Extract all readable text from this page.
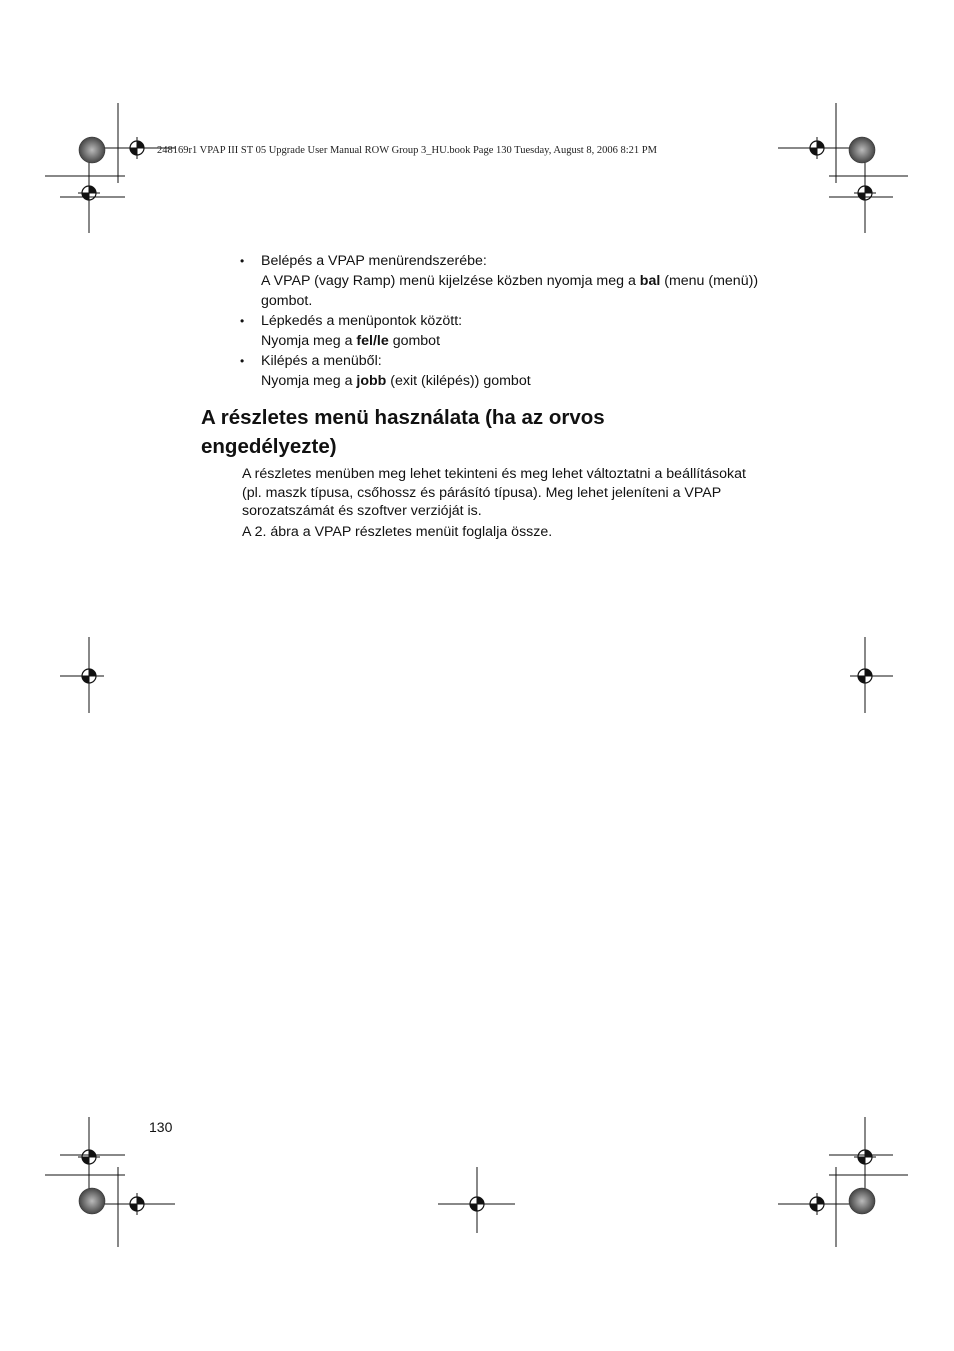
248169r1 VPAP III ST 05 Upgrade User Manual ROW Group 3_HU.book Page 130 Tuesday, August 8, 2006 8:21 PM
• Belépés a VPAP menürendszerébe:
A VPAP (vagy Ramp) menü kijelzése közben nyomja meg a bal (menu (menü)) gombot.
• Lépkedés a menüpontok között:
Nyomja meg a fel/le gombot
• Kilépés a menüből:
Nyomja meg a jobb (exit (kilépés)) gombot
A részletes menü használata (ha az orvos
engedélyezte)
A részletes menüben meg lehet tekinteni és meg lehet változtatni a beállításokat (pl. maszk típusa, csőhossz és párásító típusa). Meg lehet jeleníteni a VPAP sorozatszámát és szoftver verzióját is.
A 2. ábra a VPAP részletes menüit foglalja össze.
130
